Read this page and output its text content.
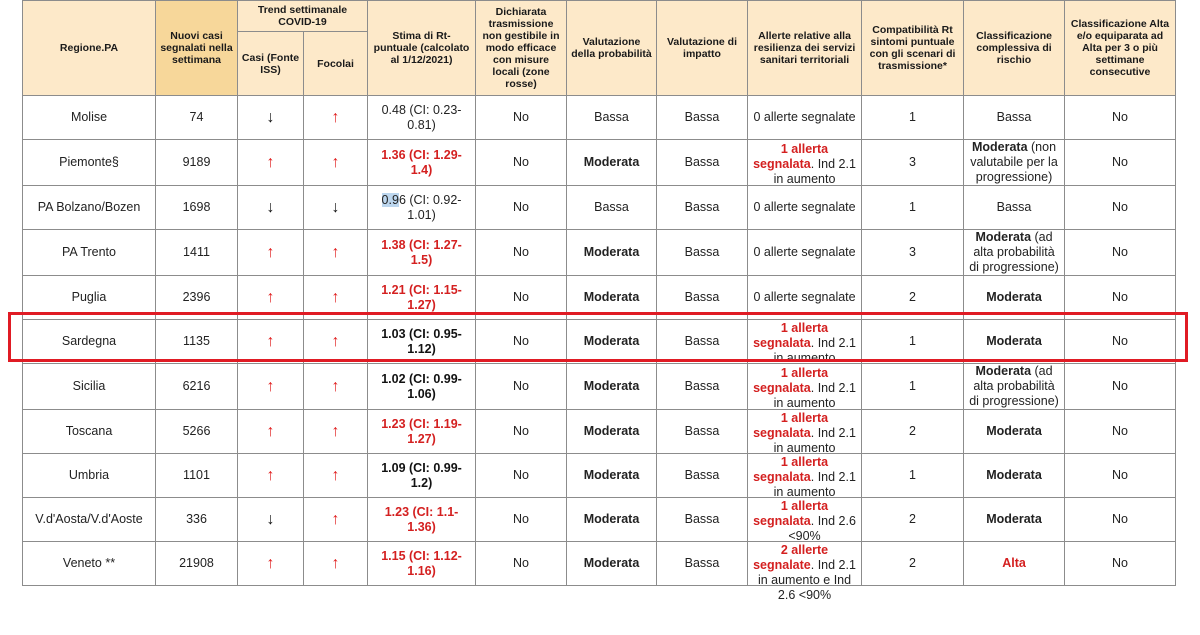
Regione.PA	Nuovi casi segnalati nella settimana	Trend settimanale COVID-19		Stima di Rt-puntuale (calcolato al 1/12/2021)	Dichiarata trasmissione non gestibile in modo efficace con misure locali (zone rosse)	Valutazione della probabilità	Valutazione di impatto	Allerte relative alla resilienza dei servizi sanitari territoriali	Compatibilità Rt sintomi puntuale con gli scenari di trasmissione*	Classificazione complessiva di rischio	Classificazione Alta e/o equiparata ad Alta per 3 o più settimane consecutive
		Casi (Fonte ISS)	Focolai								
Molise	74	↓	↑	0.48 (CI: 0.23-0.81)	No	Bassa	Bassa	0 allerte segnalate	1	Bassa	No
Piemonte§	9189	↑	↑	1.36 (CI: 1.29-1.4)	No	Moderata	Bassa	1 allerta segnalata. Ind 2.1 in aumento	3	Moderata (non valutabile per la progressione)	No
PA Bolzano/Bozen	1698	↓	↓	0.96 (CI: 0.92-1.01)	No	Bassa	Bassa	0 allerte segnalate	1	Bassa	No
PA Trento	1411	↑	↑	1.38 (CI: 1.27-1.5)	No	Moderata	Bassa	0 allerte segnalate	3	Moderata (ad alta probabilità di progressione)	No
Puglia	2396	↑	↑	1.21 (CI: 1.15-1.27)	No	Moderata	Bassa	0 allerte segnalate	2	Moderata	No
Sardegna	1135	↑	↑	1.03 (CI: 0.95-1.12)	No	Moderata	Bassa	1 allerta segnalata. Ind 2.1 in aumento	1	Moderata	No
Sicilia	6216	↑	↑	1.02 (CI: 0.99-1.06)	No	Moderata	Bassa	1 allerta segnalata. Ind 2.1 in aumento	1	Moderata (ad alta probabilità di progressione)	No
Toscana	5266	↑	↑	1.23 (CI: 1.19-1.27)	No	Moderata	Bassa	1 allerta segnalata. Ind 2.1 in aumento	2	Moderata	No
Umbria	1101	↑	↑	1.09 (CI: 0.99-1.2)	No	Moderata	Bassa	1 allerta segnalata. Ind 2.1 in aumento	1	Moderata	No
V.d'Aosta/V.d'Aoste	336	↓	↑	1.23 (CI: 1.1-1.36)	No	Moderata	Bassa	1 allerta segnalata. Ind 2.6 <90%	2	Moderata	No
Veneto **	21908	↑	↑	1.15 (CI: 1.12-1.16)	No	Moderata	Bassa	2 allerte segnalate. Ind 2.1 in aumento e Ind 2.6 <90%	2	Alta	No
